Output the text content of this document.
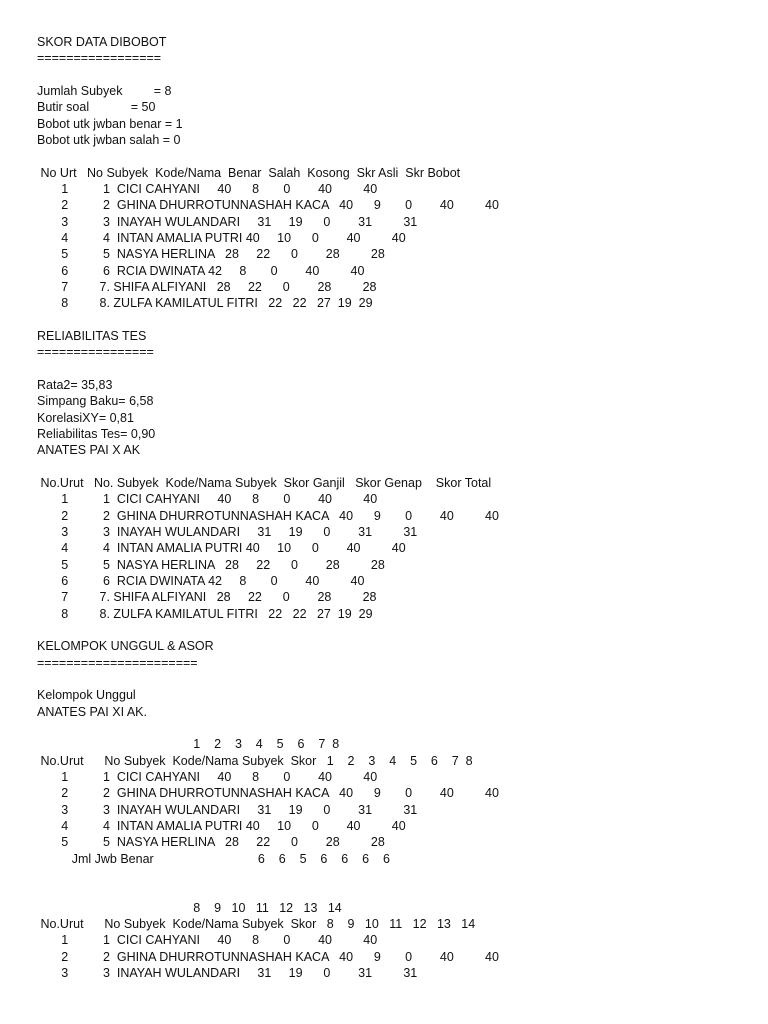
SKOR DATA DIBOBOT
=================
Jumlah Subyek         = 8
Butir soal            = 50
Bobot utk jwban benar = 1
Bobot utk jwban salah = 0
No Urt   No Subyek  Kode/Nama  Benar  Salah  Kosong  Skr Asli  Skr Bobot
1          1  CICI CAHYANI     40      8       0        40         40
2          2  GHINA DHURROTUNNASHAH KACA   40      9       0        40         40
3          3  INAYAH WULANDARI     31     19      0        31         31
4          4  INTAN AMALIA PUTRI 40     10      0        40         40
5          5  NASYA HERLINA   28     22      0        28         28
6          6  RCIA DWINATA 42     8       0        40         40
7         7. SHIFA ALFIYANI   28     22      0        28         28
8         8. ZULFA KAMILATUL FITRI   22   22   27  19  29
RELIABILITAS TES
================
Rata2= 35,83
Simpang Baku= 6,58
KorelasiXY= 0,81
Reliabilitas Tes= 0,90
ANATES PAI X AK
No.Urut   No. Subyek  Kode/Nama Subyek  Skor Ganjil   Skor Genap    Skor Total
1          1  CICI CAHYANI     40      8       0        40         40
2          2  GHINA DHURROTUNNASHAH KACA   40      9       0        40         40
3          3  INAYAH WULANDARI     31     19      0        31         31
4          4  INTAN AMALIA PUTRI 40     10      0        40         40
5          5  NASYA HERLINA   28     22      0        28         28
6          6  RCIA DWINATA 42     8       0        40         40
7         7. SHIFA ALFIYANI   28     22      0        28         28
8         8. ZULFA KAMILATUL FITRI   22   22   27  19  29
KELOMPOK UNGGUL & ASOR
======================
Kelompok Unggul
ANATES PAI XI AK.
1    2    3    4    5    6    7  8
No.Urut      No Subyek  Kode/Nama Subyek  Skor   1    2    3    4    5    6    7  8
1          1  CICI CAHYANI     40      8       0        40         40
2          2  GHINA DHURROTUNNASHAH KACA   40      9       0        40         40
3          3  INAYAH WULANDARI     31     19      0        31         31
4          4  INTAN AMALIA PUTRI 40     10      0        40         40
5          5  NASYA HERLINA   28     22      0        28         28
Jml Jwb Benar                              6    6    5    6    6    6    6
8    9   10   11   12   13   14
No.Urut      No Subyek  Kode/Nama Subyek  Skor   8    9   10   11   12   13   14
1          1  CICI CAHYANI     40      8       0        40         40
2          2  GHINA DHURROTUNNASHAH KACA   40      9       0        40         40
3          3  INAYAH WULANDARI     31     19      0        31         31
